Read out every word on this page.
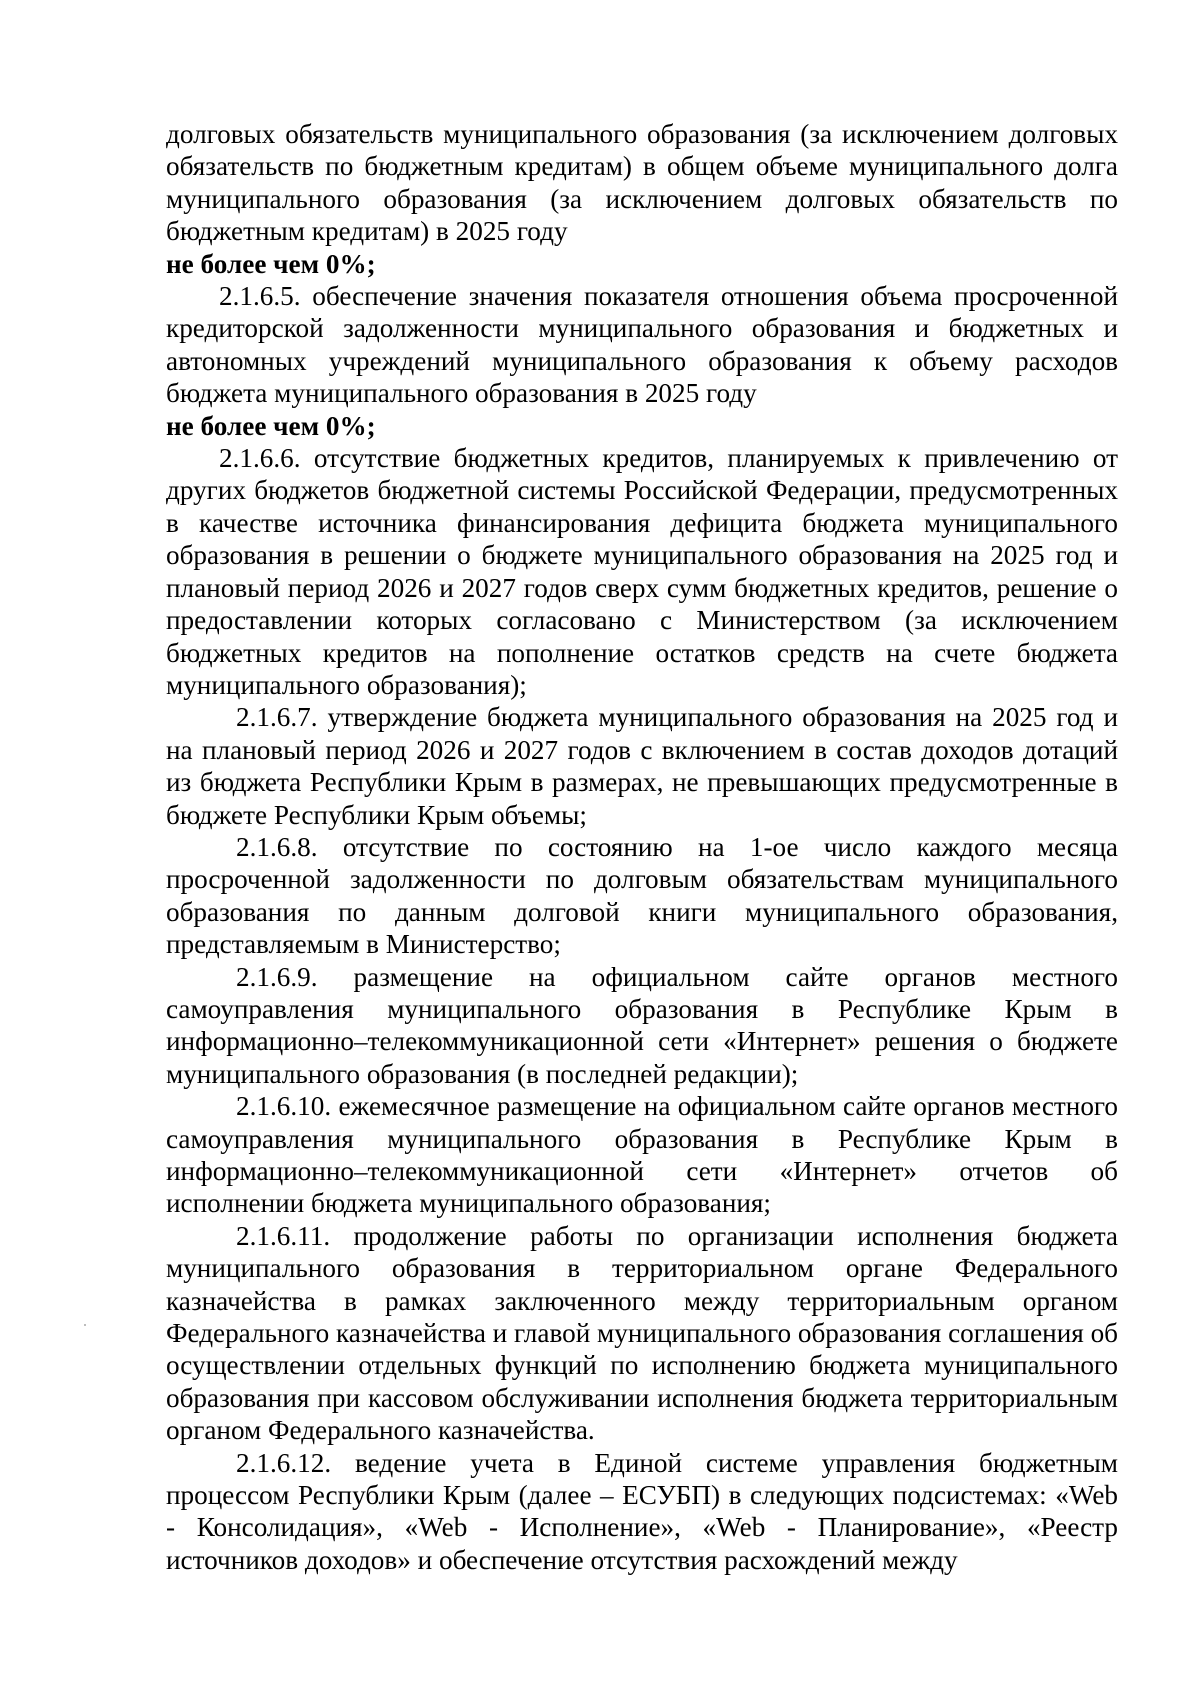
долговых обязательств муниципального образования (за исключением долговых обязательств по бюджетным кредитам) в общем объеме муниципального долга муниципального образования (за исключением долговых обязательств по бюджетным кредитам) в 2025 году
не более чем 0%;

2.1.6.5. обеспечение значения показателя отношения объема просроченной кредиторской задолженности муниципального образования и бюджетных и автономных учреждений муниципального образования к объему расходов бюджета муниципального образования в 2025 году
не более чем 0%;

2.1.6.6. отсутствие бюджетных кредитов, планируемых к привлечению от других бюджетов бюджетной системы Российской Федерации, предусмотренных в качестве источника финансирования дефицита бюджета муниципального образования в решении о бюджете муниципального образования на 2025 год и плановый период 2026 и 2027 годов сверх сумм бюджетных кредитов, решение о предоставлении которых согласовано с Министерством (за исключением бюджетных кредитов на пополнение остатков средств на счете бюджета муниципального образования);

2.1.6.7. утверждение бюджета муниципального образования на 2025 год и на плановый период 2026 и 2027 годов с включением в состав доходов дотаций из бюджета Республики Крым в размерах, не превышающих предусмотренные в бюджете Республики Крым объемы;

2.1.6.8. отсутствие по состоянию на 1-ое число каждого месяца просроченной задолженности по долговым обязательствам муниципального образования по данным долговой книги муниципального образования, представляемым в Министерство;

2.1.6.9. размещение на официальном сайте органов местного самоуправления муниципального образования в Республике Крым в информационно–телекоммуникационной сети «Интернет» решения о бюджете муниципального образования (в последней редакции);

2.1.6.10. ежемесячное размещение на официальном сайте органов местного самоуправления муниципального образования в Республике Крым в информационно–телекоммуникационной сети «Интернет» отчетов об исполнении бюджета муниципального образования;

2.1.6.11. продолжение работы по организации исполнения бюджета муниципального образования в территориальном органе Федерального казначейства в рамках заключенного между территориальным органом Федерального казначейства и главой муниципального образования соглашения об осуществлении отдельных функций по исполнению бюджета муниципального образования при кассовом обслуживании исполнения бюджета территориальным органом Федерального казначейства.

2.1.6.12. ведение учета в Единой системе управления бюджетным процессом Республики Крым (далее – ЕСУБП) в следующих подсистемах: «Web - Консолидация», «Web - Исполнение», «Web - Планирование», «Реестр источников доходов» и обеспечение отсутствия расхождений между
